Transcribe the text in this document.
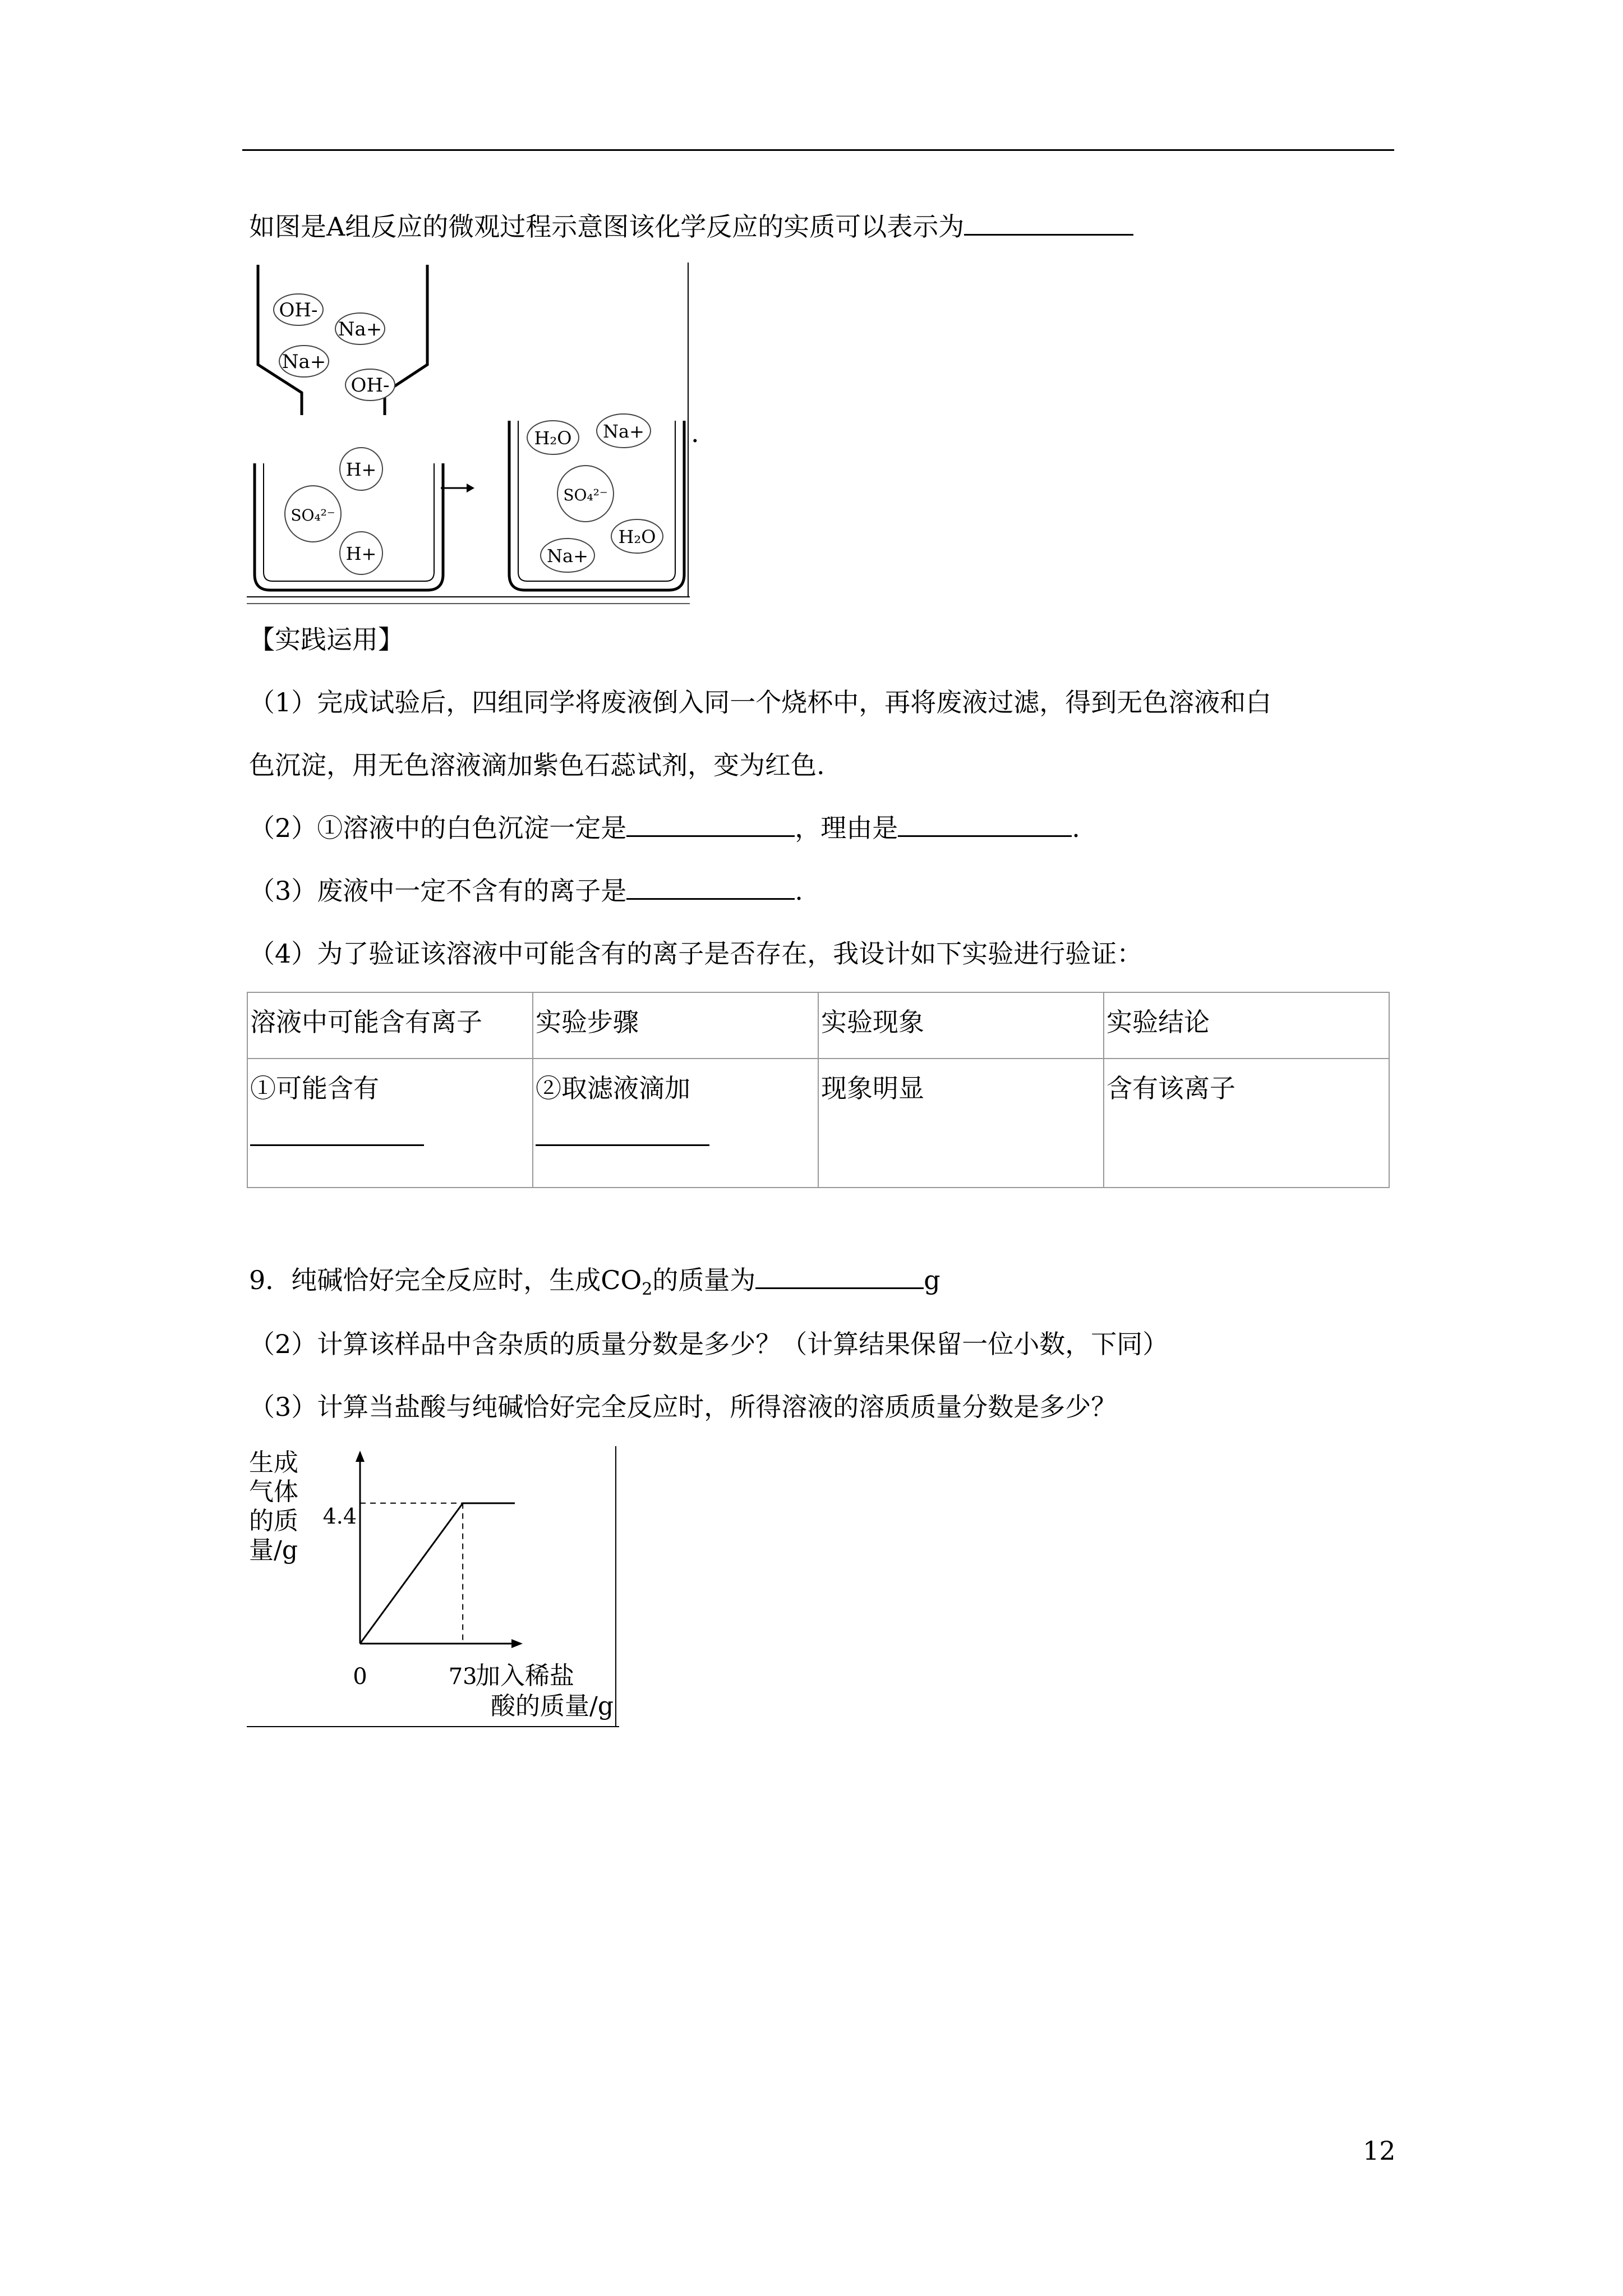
如图是A组反应的微观过程示意图该化学反应的实质可以表示为
OH-
Na+
Na+
OH-
H+
SO₄²⁻
H+
H₂O Na+
SO₄²⁻
H₂O
Na+
.
【实践运用】
（1）完成试验后，四组同学将废液倒入同一个烧杯中，再将废液过滤，得到无色溶液和白
色沉淀，用无色溶液滴加紫色石蕊试剂，变为红色.
（2）①溶液中的白色沉淀一定是	，理由是	.
（3）废液中一定不含有的离子是	.
（4）为了验证该溶液中可能含有的离子是否存在，我设计如下实验进行验证：
溶液中可能含有离子	实验步骤	实验现象	实验结论
①可能含有	②取滤液滴加	现象明显	含有该离子
9．纯碱恰好完全反应时，生成$CO_2$的质量为	g
（2）计算该样品中含杂质的质量分数是多少？（计算结果保留一位小数，下同）
（3）计算当盐酸与纯碱恰好完全反应时，所得溶液的溶质质量分数是多少？
生成
气体
的质
量/g
4.4
0	73
加入稀盐
酸的质量/g
12
